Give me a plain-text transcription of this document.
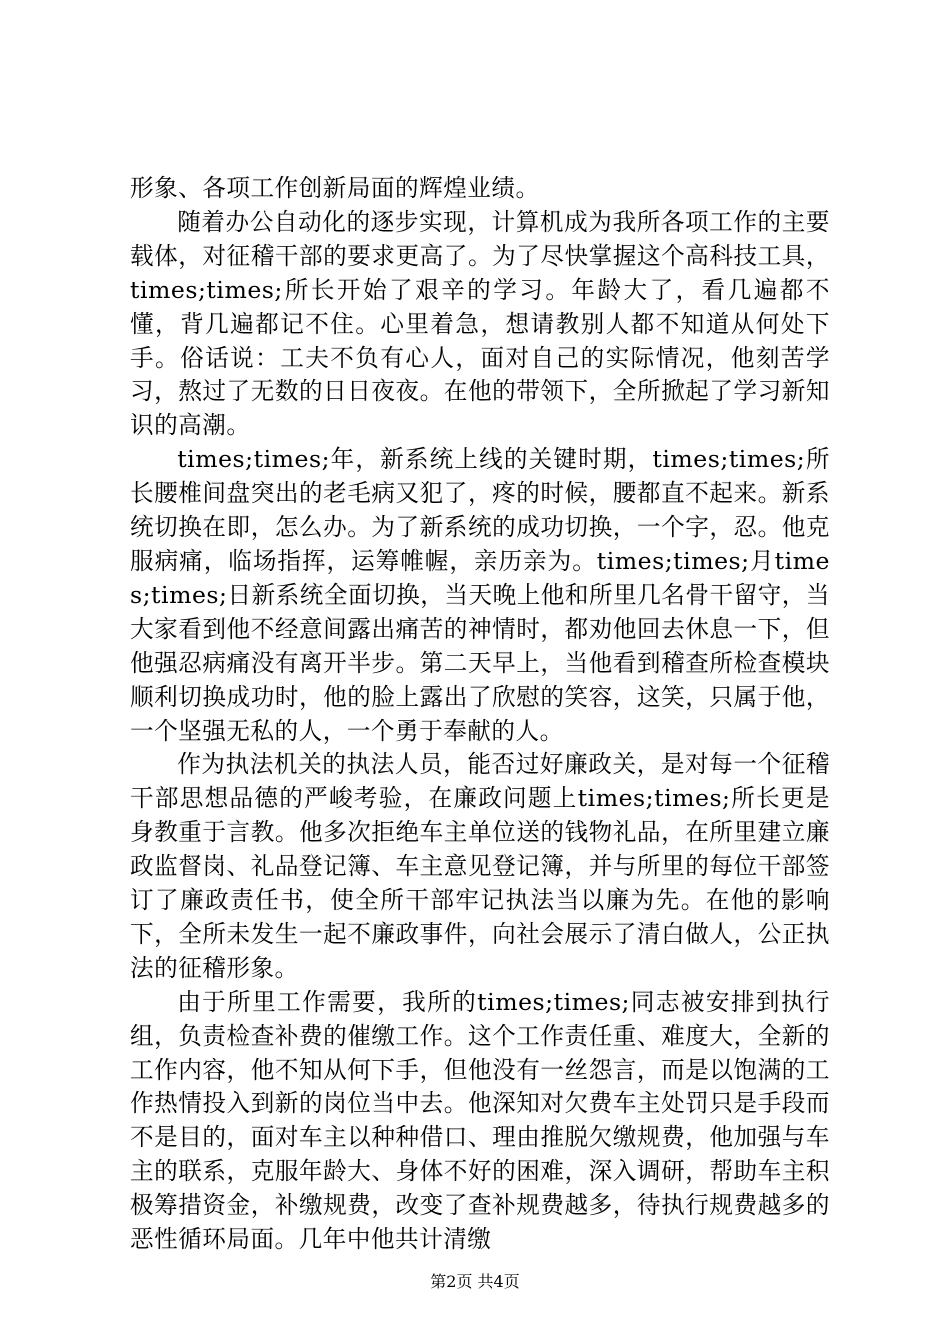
形象、各项工作创新局面的辉煌业绩。

随着办公自动化的逐步实现，计算机成为我所各项工作的主要载体，对征稽干部的要求更高了。为了尽快掌握这个高科技工具，times;times;所长开始了艰辛的学习。年龄大了，看几遍都不懂，背几遍都记不住。心里着急，想请教别人都不知道从何处下手。俗话说：工夫不负有心人，面对自己的实际情况，他刻苦学习，熬过了无数的日日夜夜。在他的带领下，全所掀起了学习新知识的高潮。

times;times;年，新系统上线的关键时期，times;times;所长腰椎间盘突出的老毛病又犯了，疼的时候，腰都直不起来。新系统切换在即，怎么办。为了新系统的成功切换，一个字，忍。他克服病痛，临场指挥，运筹帷幄，亲历亲为。times;times;月times;times;日新系统全面切换，当天晚上他和所里几名骨干留守，当大家看到他不经意间露出痛苦的神情时，都劝他回去休息一下，但他强忍病痛没有离开半步。第二天早上，当他看到稽查所检查模块顺利切换成功时，他的脸上露出了欣慰的笑容，这笑，只属于他，一个坚强无私的人，一个勇于奉献的人。

作为执法机关的执法人员，能否过好廉政关，是对每一个征稽干部思想品德的严峻考验，在廉政问题上times;times;所长更是身教重于言教。他多次拒绝车主单位送的钱物礼品，在所里建立廉政监督岗、礼品登记簿、车主意见登记簿，并与所里的每位干部签订了廉政责任书，使全所干部牢记执法当以廉为先。在他的影响下，全所未发生一起不廉政事件，向社会展示了清白做人，公正执法的征稽形象。

由于所里工作需要，我所的times;times;同志被安排到执行组，负责检查补费的催缴工作。这个工作责任重、难度大，全新的工作内容，他不知从何下手，但他没有一丝怨言，而是以饱满的工作热情投入到新的岗位当中去。他深知对欠费车主处罚只是手段而不是目的，面对车主以种种借口、理由推脱欠缴规费，他加强与车主的联系，克服年龄大、身体不好的困难，深入调研，帮助车主积极筹措资金，补缴规费，改变了查补规费越多，待执行规费越多的恶性循环局面。几年中他共计清缴

第2页 共4页
